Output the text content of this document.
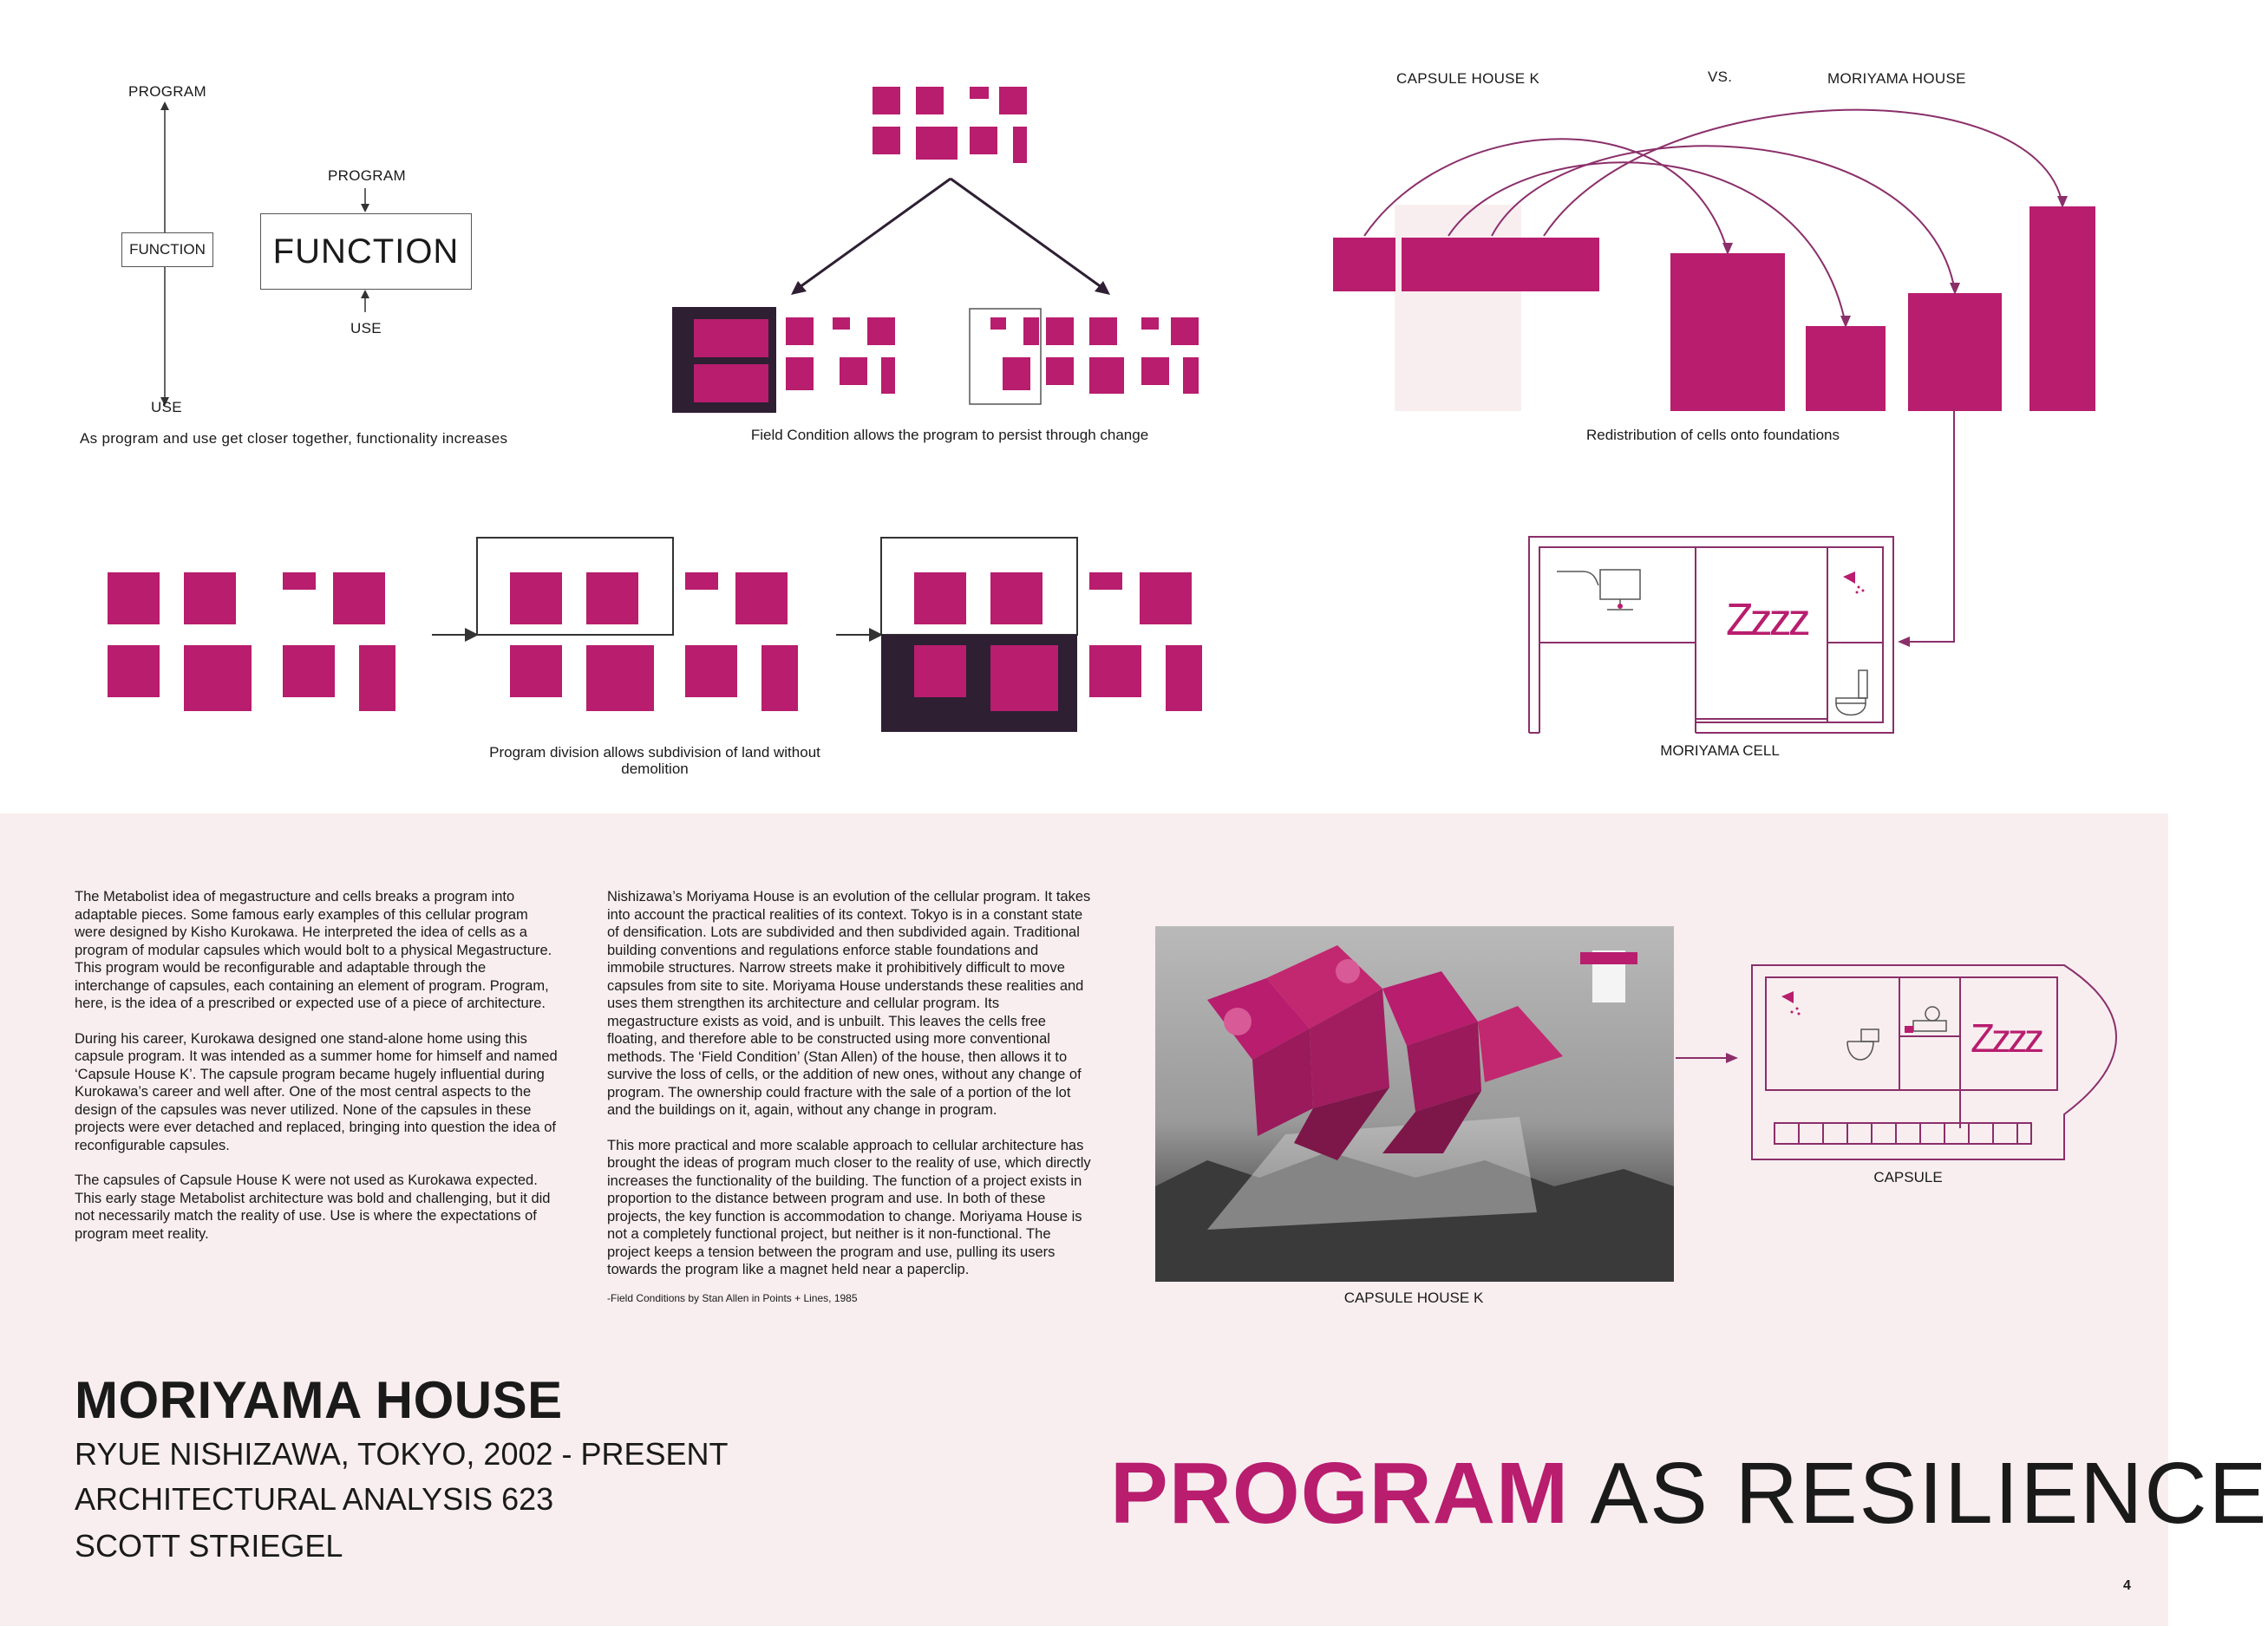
PROGRAM
FUNCTION
PROGRAM
FUNCTION
USE
USE
As program and use get closer together, functionality increases	Field Condition allows the program to persist through change
CAPSULE HOUSE K	VS.	MORIYAMA HOUSE
Redistribution of cells onto foundations
Zzzz
MORIYAMA CELL
Program division allows subdivision of land without demolition

The Metabolist idea of megastructure and cells breaks a program into adaptable pieces. Some famous early examples of this cellular program were designed by Kisho Kurokawa. He interpreted the idea of cells as a program of modular capsules which would bolt to a physical Megastructure. This program would be reconfigurable and adaptable through the interchange of capsules, each containing an element of program. Program, here, is the idea of a prescribed or expected use of a piece of architecture.

During his career, Kurokawa designed one stand-alone home using this capsule program. It was intended as a summer home for himself and named ‘Capsule House K’. The capsule program became hugely influential during Kurokawa’s career and well after. One of the most central aspects to the design of the capsules was never utilized. None of the capsules in these projects were ever detached and replaced, bringing into question the idea of reconfigurable capsules.

The capsules of Capsule House K were not used as Kurokawa expected. This early stage Metabolist architecture was bold and challenging, but it did not necessarily match the reality of use. Use is where the expectations of program meet reality.

Nishizawa’s Moriyama House is an evolution of the cellular program. It takes into account the practical realities of its context. Tokyo is in a constant state of densification. Lots are subdivided and then subdivided again. Traditional building conventions and regulations enforce stable foundations and immobile structures. Narrow streets make it prohibitively difficult to move capsules from site to site. Moriyama House understands these realities and uses them strengthen its architecture and cellular program. Its megastructure exists as void, and is unbuilt. This leaves the cells free floating, and therefore able to be constructed using more conventional methods. The ‘Field Condition’ (Stan Allen) of the house, then allows it to survive the loss of cells, or the addition of new ones, without any change of program. The ownership could fracture with the sale of a portion of the lot and the buildings on it, again, without any change in program.

This more practical and more scalable approach to cellular architecture has brought the ideas of program much closer to the reality of use, which directly increases the functionality of the building. The function of a project exists in proportion to the distance between program and use. In both of these projects, the key function is accommodation to change. Moriyama House is not a completely functional project, but neither is it non-functional. The project keeps a tension between the program and use, pulling its users towards the program like a magnet held near a paperclip.

-Field Conditions by Stan Allen in Points + Lines, 1985	CAPSULE HOUSE K
Zzzz
CAPSULE
MORIYAMA HOUSE
RYUE NISHIZAWA, TOKYO, 2002 - PRESENT
ARCHITECTURAL ANALYSIS 623
SCOTT STRIEGEL
PROGRAM AS RESILIENCE
4
